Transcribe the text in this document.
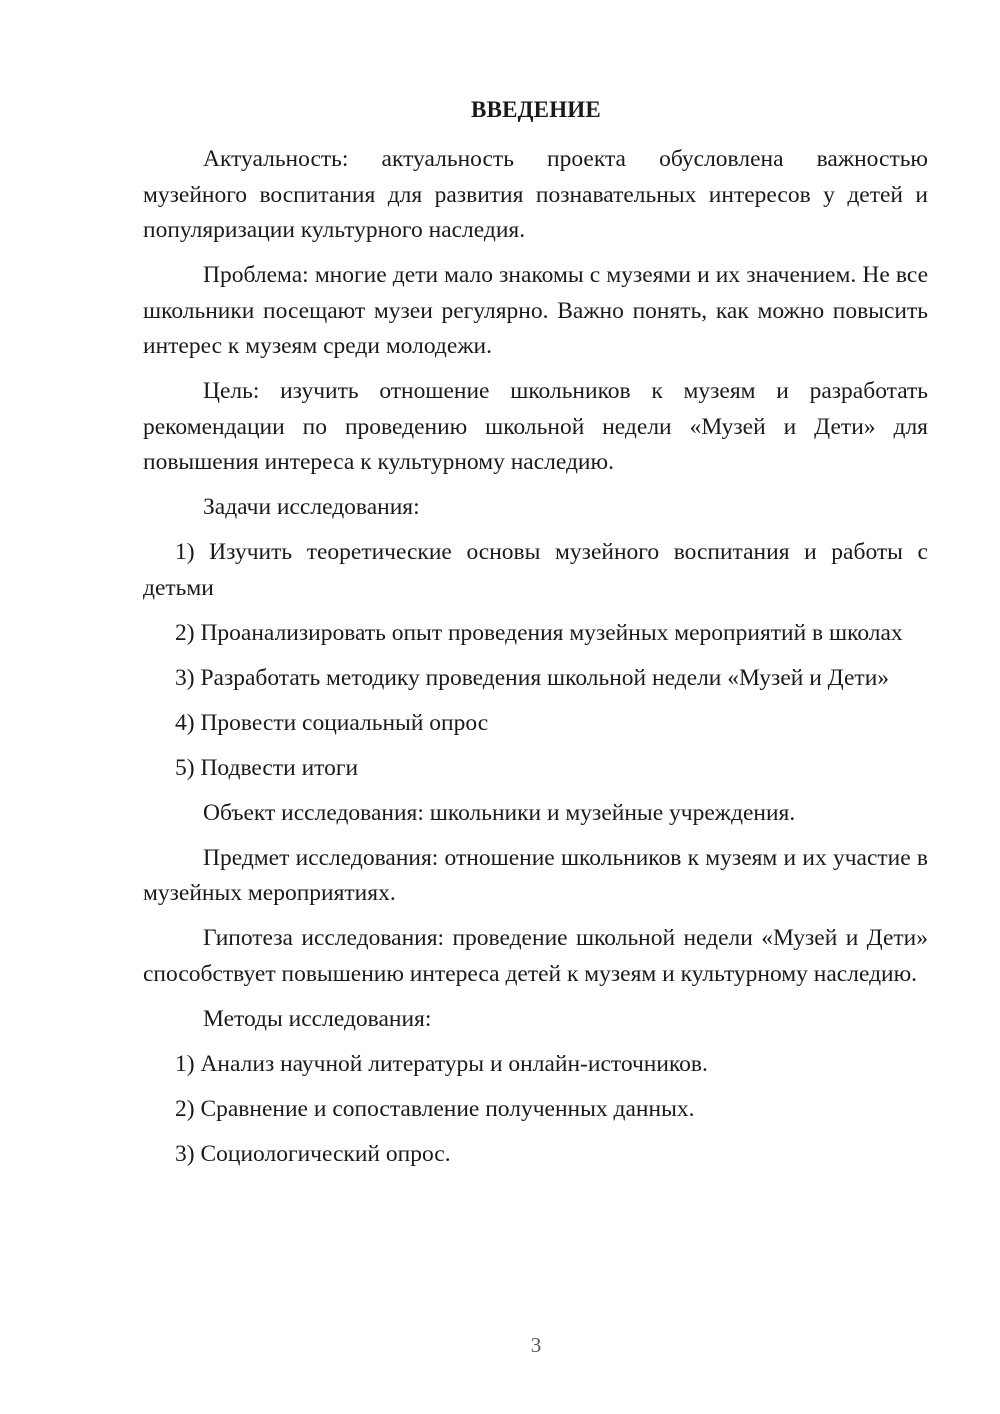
ВВЕДЕНИЕ

Актуальность: актуальность проекта обусловлена важностью музейного воспитания для развития познавательных интересов у детей и популяризации культурного наследия.

Проблема: многие дети мало знакомы с музеями и их значением. Не все школьники посещают музеи регулярно. Важно понять, как можно повысить интерес к музеям среди молодежи.

Цель: изучить отношение школьников к музеям и разработать рекомендации по проведению школьной недели «Музей и Дети» для повышения интереса к культурному наследию.

Задачи исследования:

1) Изучить теоретические основы музейного воспитания и работы с детьми

2) Проанализировать опыт проведения музейных мероприятий в школах

3) Разработать методику проведения школьной недели «Музей и Дети»

4) Провести социальный опрос

5) Подвести итоги

Объект исследования: школьники и музейные учреждения.

Предмет исследования: отношение школьников к музеям и их участие в музейных мероприятиях.

Гипотеза исследования: проведение школьной недели «Музей и Дети» способствует повышению интереса детей к музеям и культурному наследию.

Методы исследования:

1) Анализ научной литературы и онлайн-источников.

2) Сравнение и сопоставление полученных данных.

3) Социологический опрос.

3
